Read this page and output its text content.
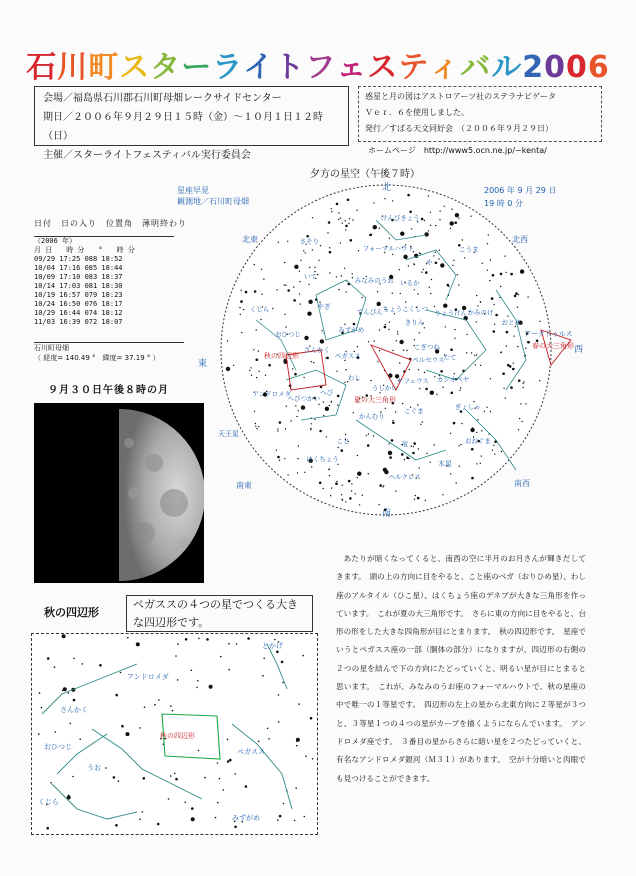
石川町スターライトフェスティバル2006
会場／福島県石川郡石川町母畑レークサイドセンター
期日／２００６年９月２９日１５時（金）～１０月１日１２時（日）
主催／スターライトフェスティバル実行委員会
惑星と月の図はアストロアーツ社のステラナビゲータ
Ｖｅｒ．６を使用しました。
発行／すばる天文同好会　（２００６年９月２９日）
ホームページ　http://www5.ocn.ne.jp/~kenta/
夕方の星空（午後７時）
星座早見
観測地／石川町母畑
2006 年 9 月 29 日
19 時 0 分
北
南
東
西
北東	北西
南東	南西
夏の大三角形
春の大三角形
秋の四辺形
天王星
木星
アークトゥルス
ペルセウス
カシオペヤ
ぎょしゃ
おおぐま
ケフェウス
こぐま
竜
ヘルクレス
うしかい
かんむり
こと
はくちょう
わし
へび
へびつかい
アンドロメダ
ペガスス
さんかく
おひつじ
くじら
みずがめ
やぎ
いて
さそり
てんびん
みなみのうお
フォーマルハウト
けんびきょう
ちょうこくしつ
いるか
や
こうま
きりん
りょうけん かみのけ
おとめ
こぎつね
たて
日付　日の入り　位置角　薄明終わり
（2006 年）
月 日　　時 分　　°　　時 分
09/29 17:25 088 18:52
10/04 17:16 085 18:44
10/09 17:10 083 18:37
10/14 17:03 081 18:30
10/19 16:57 079 18:23
10/24 16:50 076 18:17
10/29 16:44 074 18:12
11/03 16:39 072 18:07
石川町母畑
（ 経度= 140.49 °　緯度= 37.19 ° ）
９月３０日午後８時の月
秋の四辺形
ペガススの４つの星でつくる大きな四辺形です。
とかげ
アンドロメダ
さんかく
秋の四辺形
ペガスス
おひつじ
うお
くじら
みずがめ
あたりが暗くなってくると、南西の空に半月のお月さんが輝きだしてきます。　頭の上の方向に目をやると、こと座のベガ（おりひめ星）、わし座のアルタイル（ひこ星）、はくちょう座のデネブが大きな三角形を作っています。　これが夏の大三角形です。　さらに東の方向に目をやると、台形の形をした大きな四角形が目にとまります。　秋の四辺形です。　星座でいうとペガスス座の一部（胴体の部分）になりますが、四辺形の右側の２つの星を結んで下の方向にたどっていくと、明るい星が目にとまると思います。　これが、みなみのうお座のフォーマルハウトで、秋の星座の中で唯一の１等星です。　四辺形の左上の星から北東方向に２等星が３つと、３等星１つの４つの星がカーブを描くようにならんでいます。　アンドロメダ座です。　３番目の星からさらに暗い星を２つたどっていくと、有名なアンドロメダ銀河（Ｍ３１）があります。　空が十分暗いと肉眼でも見つけることができます。
